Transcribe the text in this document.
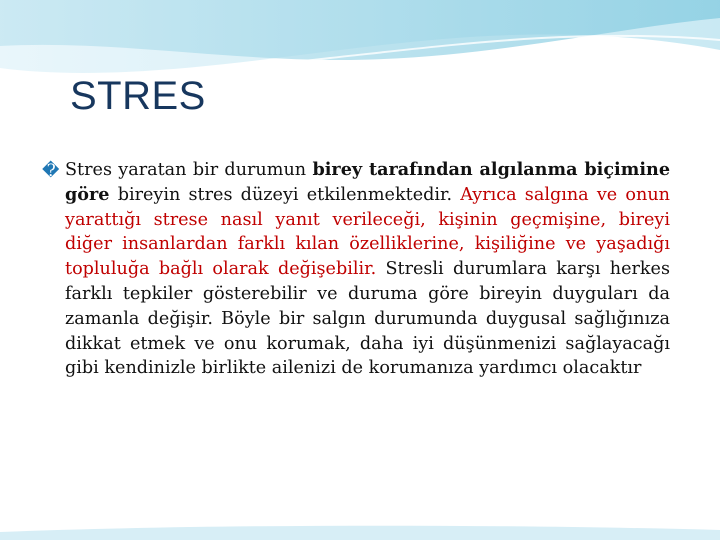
STRES
� Stres yaratan bir durumun birey tarafından algılanma biçimine göre bireyin stres düzeyi etkilenmektedir. Ayrıca salgına ve onun yarattığı strese nasıl yanıt verileceği, kişinin geçmişine, bireyi diğer insanlardan farklı kılan özelliklerine, kişiliğine ve yaşadığı topluluğa bağlı olarak değişebilir. Stresli durumlara karşı herkes farklı tepkiler gösterebilir ve duruma göre bireyin duyguları da zamanla değişir. Böyle bir salgın durumunda duygusal sağlığınıza dikkat etmek ve onu korumak, daha iyi düşünmenizi sağlayacağı gibi kendinizle birlikte ailenizi de korumanıza yardımcı olacaktır
